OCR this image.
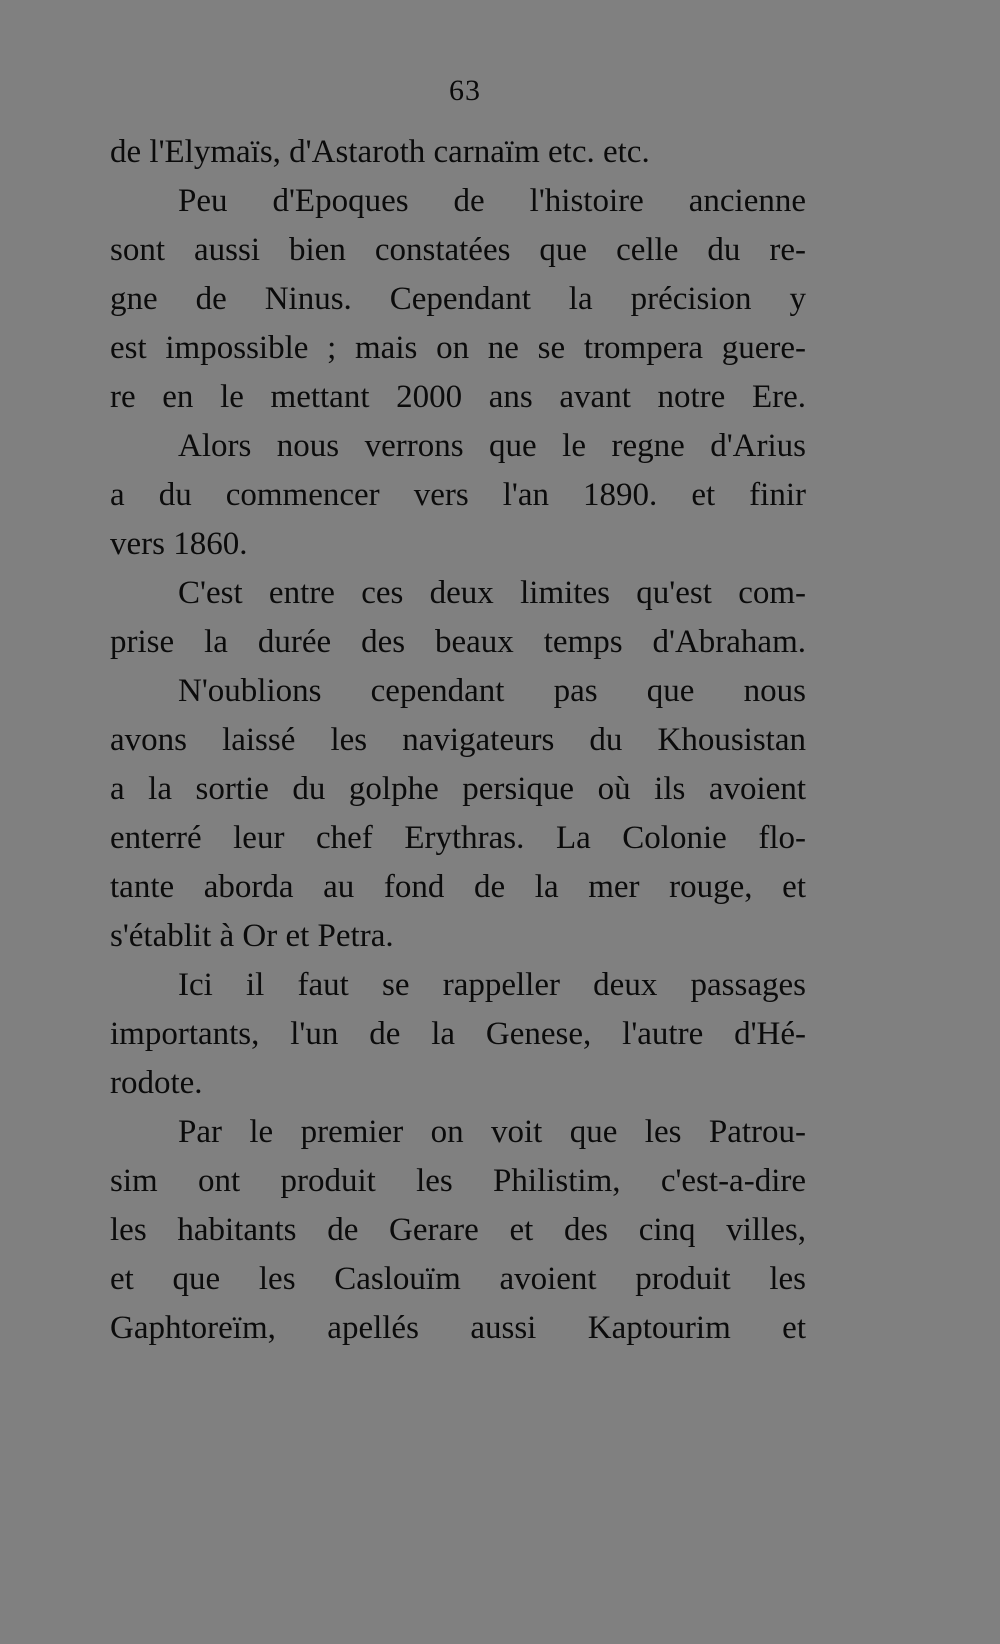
63
de l'Elymaïs, d'Astaroth carnaïm etc. etc.
Peu d'Epoques de l'histoire ancienne
sont aussi bien constatées que celle du re-
gne de Ninus. Cependant la précision y
est impossible ; mais on ne se trompera guere-
re en le mettant 2000 ans avant notre Ere.
Alors nous verrons que le regne d'Arius
a du commencer vers l'an 1890. et finir
vers 1860.
C'est entre ces deux limites qu'est com-
prise la durée des beaux temps d'Abraham.
N'oublions cependant pas que nous
avons laissé les navigateurs du Khousistan
a la sortie du golphe persique où ils avoient
enterré leur chef Erythras. La Colonie flo-
tante aborda au fond de la mer rouge, et
s'établit à Or et Petra.
Ici il faut se rappeller deux passages
importants, l'un de la Genese, l'autre d'Hé-
rodote.
Par le premier on voit que les Patrou-
sim ont produit les Philistim, c'est-a-dire
les habitants de Gerare et des cinq villes,
et que les Caslouïm avoient produit les
Gaphtoreïm, apellés aussi Kaptourim et
